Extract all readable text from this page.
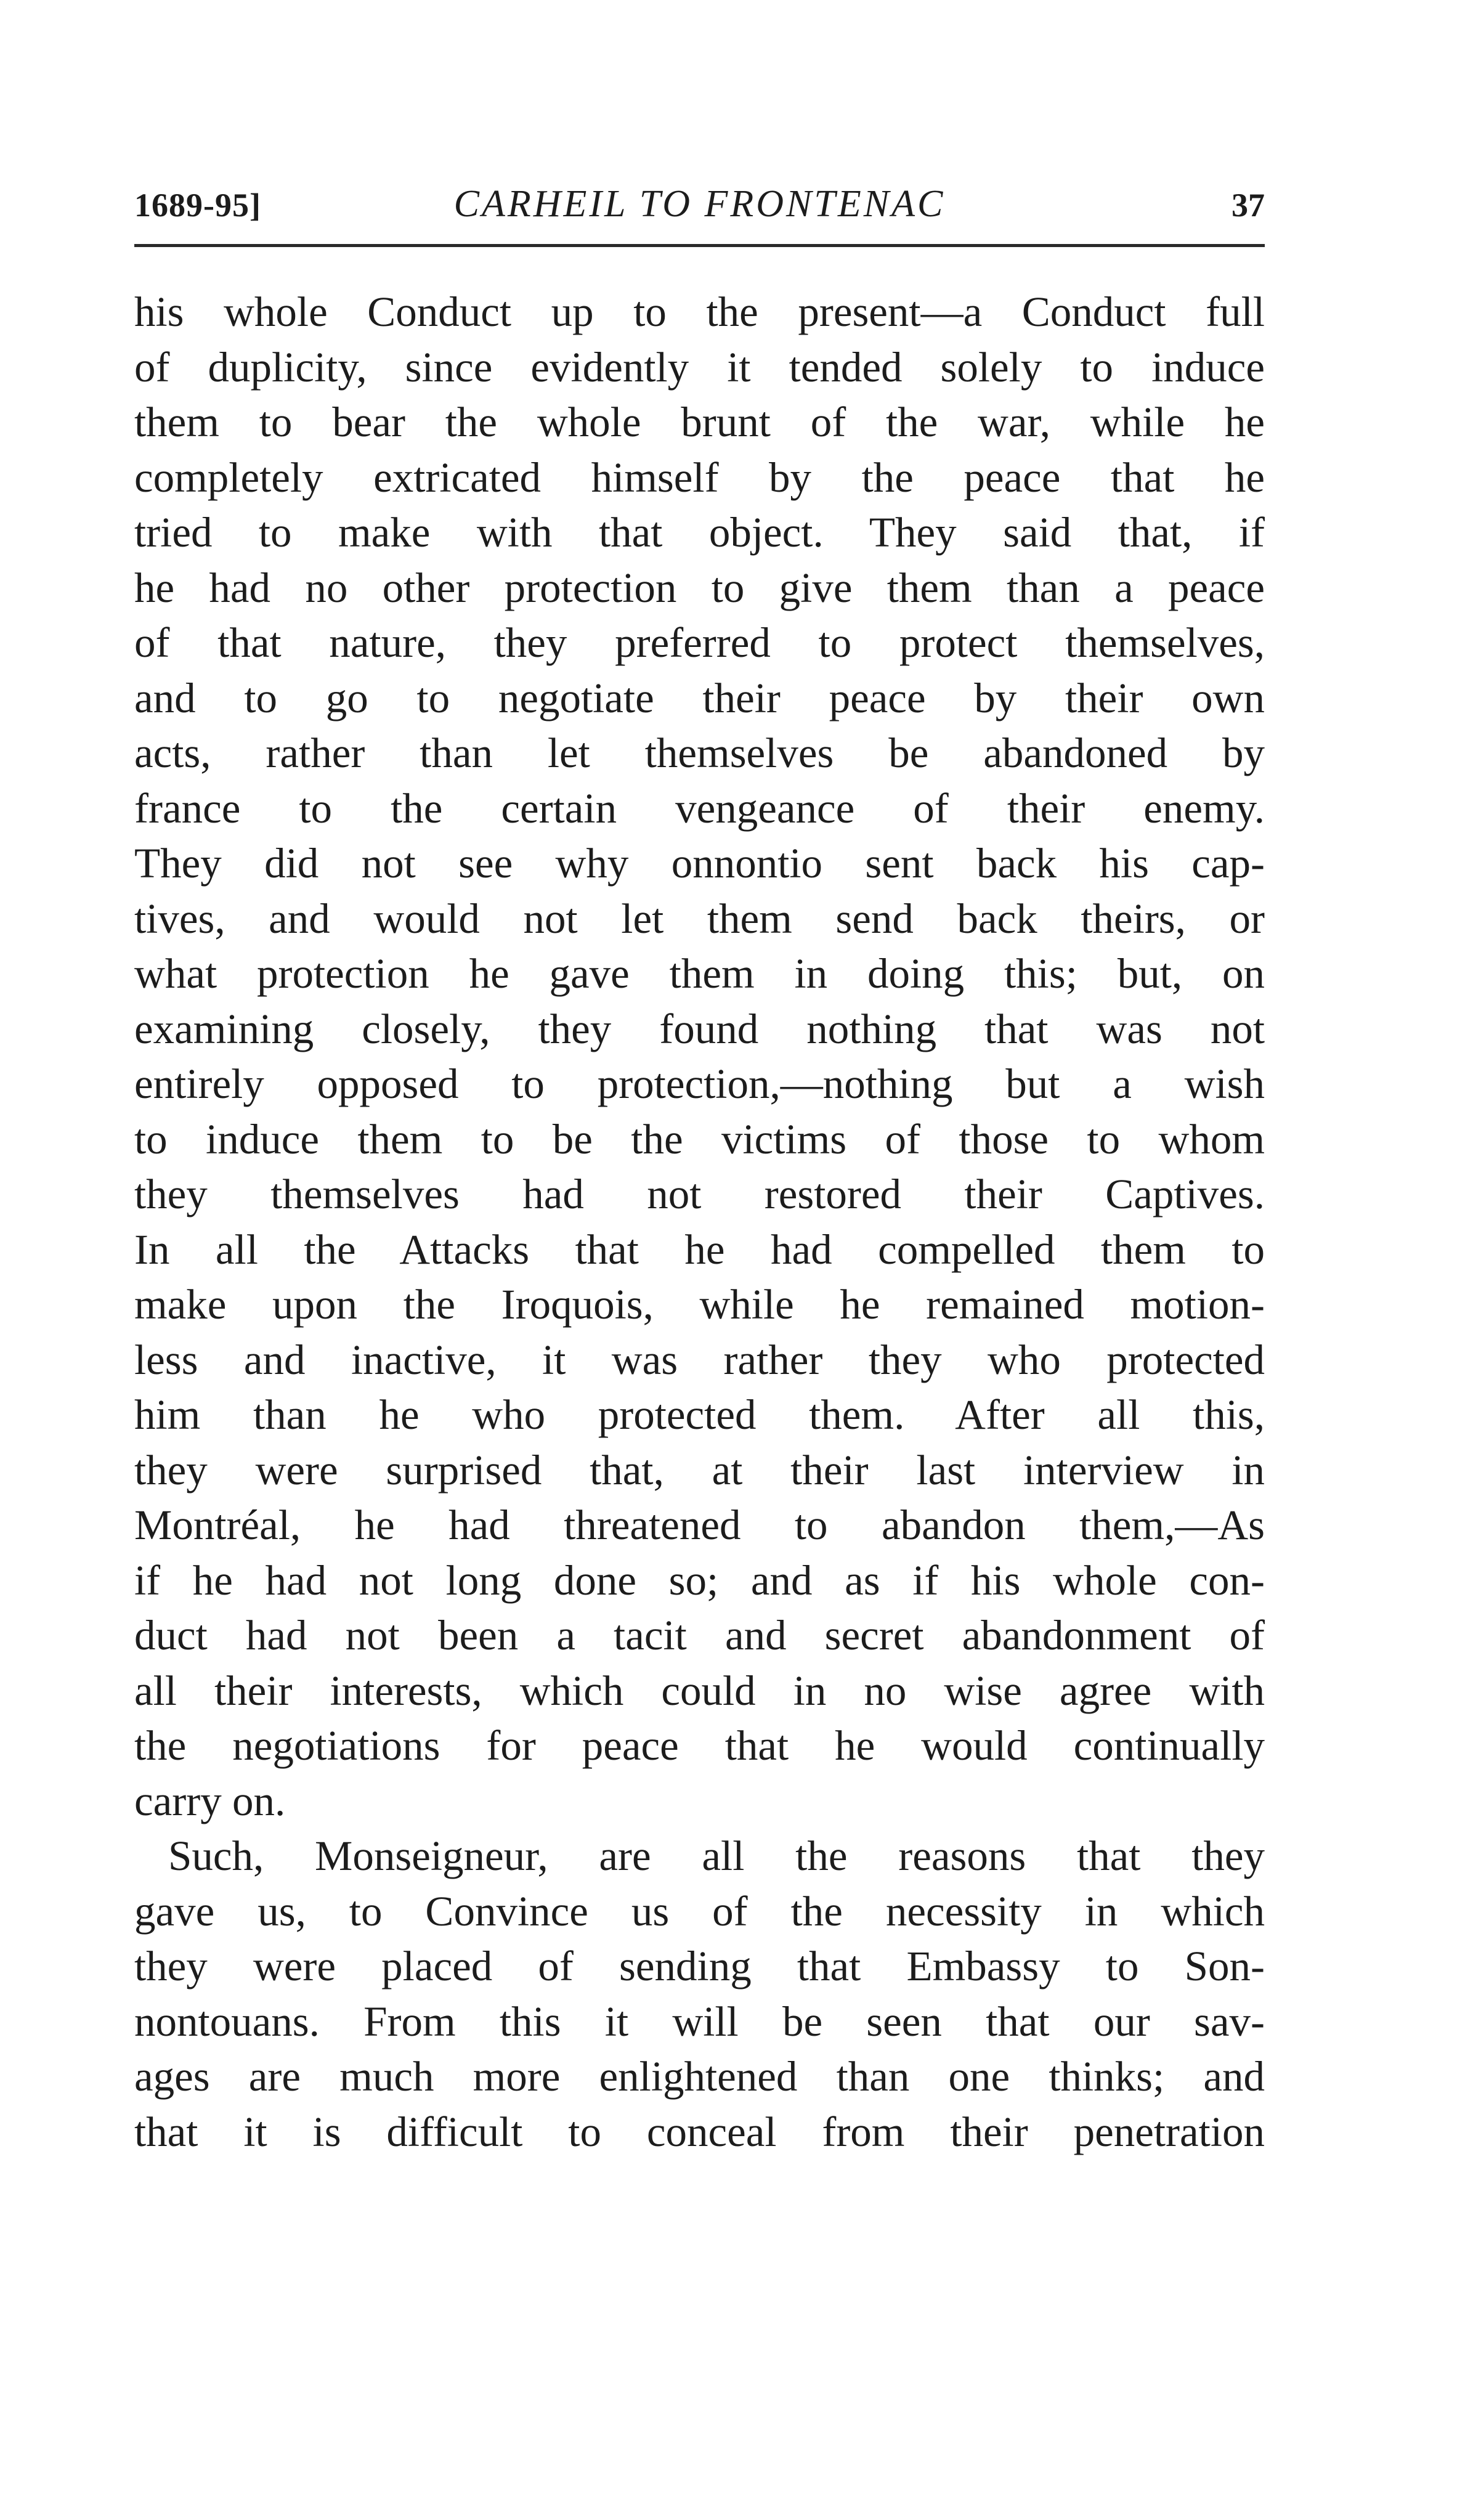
1689-95]	CARHEIL TO FRONTENAC	37
his whole Conduct up to the present—a Conduct full
of duplicity, since evidently it tended solely to induce
them to bear the whole brunt of the war, while he
completely extricated himself by the peace that he
tried to make with that object. They said that, if
he had no other protection to give them than a peace
of that nature, they preferred to protect themselves,
and to go to negotiate their peace by their own
acts, rather than let themselves be abandoned by
france to the certain vengeance of their enemy.
They did not see why onnontio sent back his cap-
tives, and would not let them send back theirs, or
what protection he gave them in doing this; but, on
examining closely, they found nothing that was not
entirely opposed to protection,—nothing but a wish
to induce them to be the victims of those to whom
they themselves had not restored their Captives.
In all the Attacks that he had compelled them to
make upon the Iroquois, while he remained motion-
less and inactive, it was rather they who protected
him than he who protected them. After all this,
they were surprised that, at their last interview in
Montréal, he had threatened to abandon them,—As
if he had not long done so; and as if his whole con-
duct had not been a tacit and secret abandonment of
all their interests, which could in no wise agree with
the negotiations for peace that he would continually
carry on.
Such, Monseigneur, are all the reasons that they
gave us, to Convince us of the necessity in which
they were placed of sending that Embassy to Son-
nontouans. From this it will be seen that our sav-
ages are much more enlightened than one thinks; and
that it is difficult to conceal from their penetration
